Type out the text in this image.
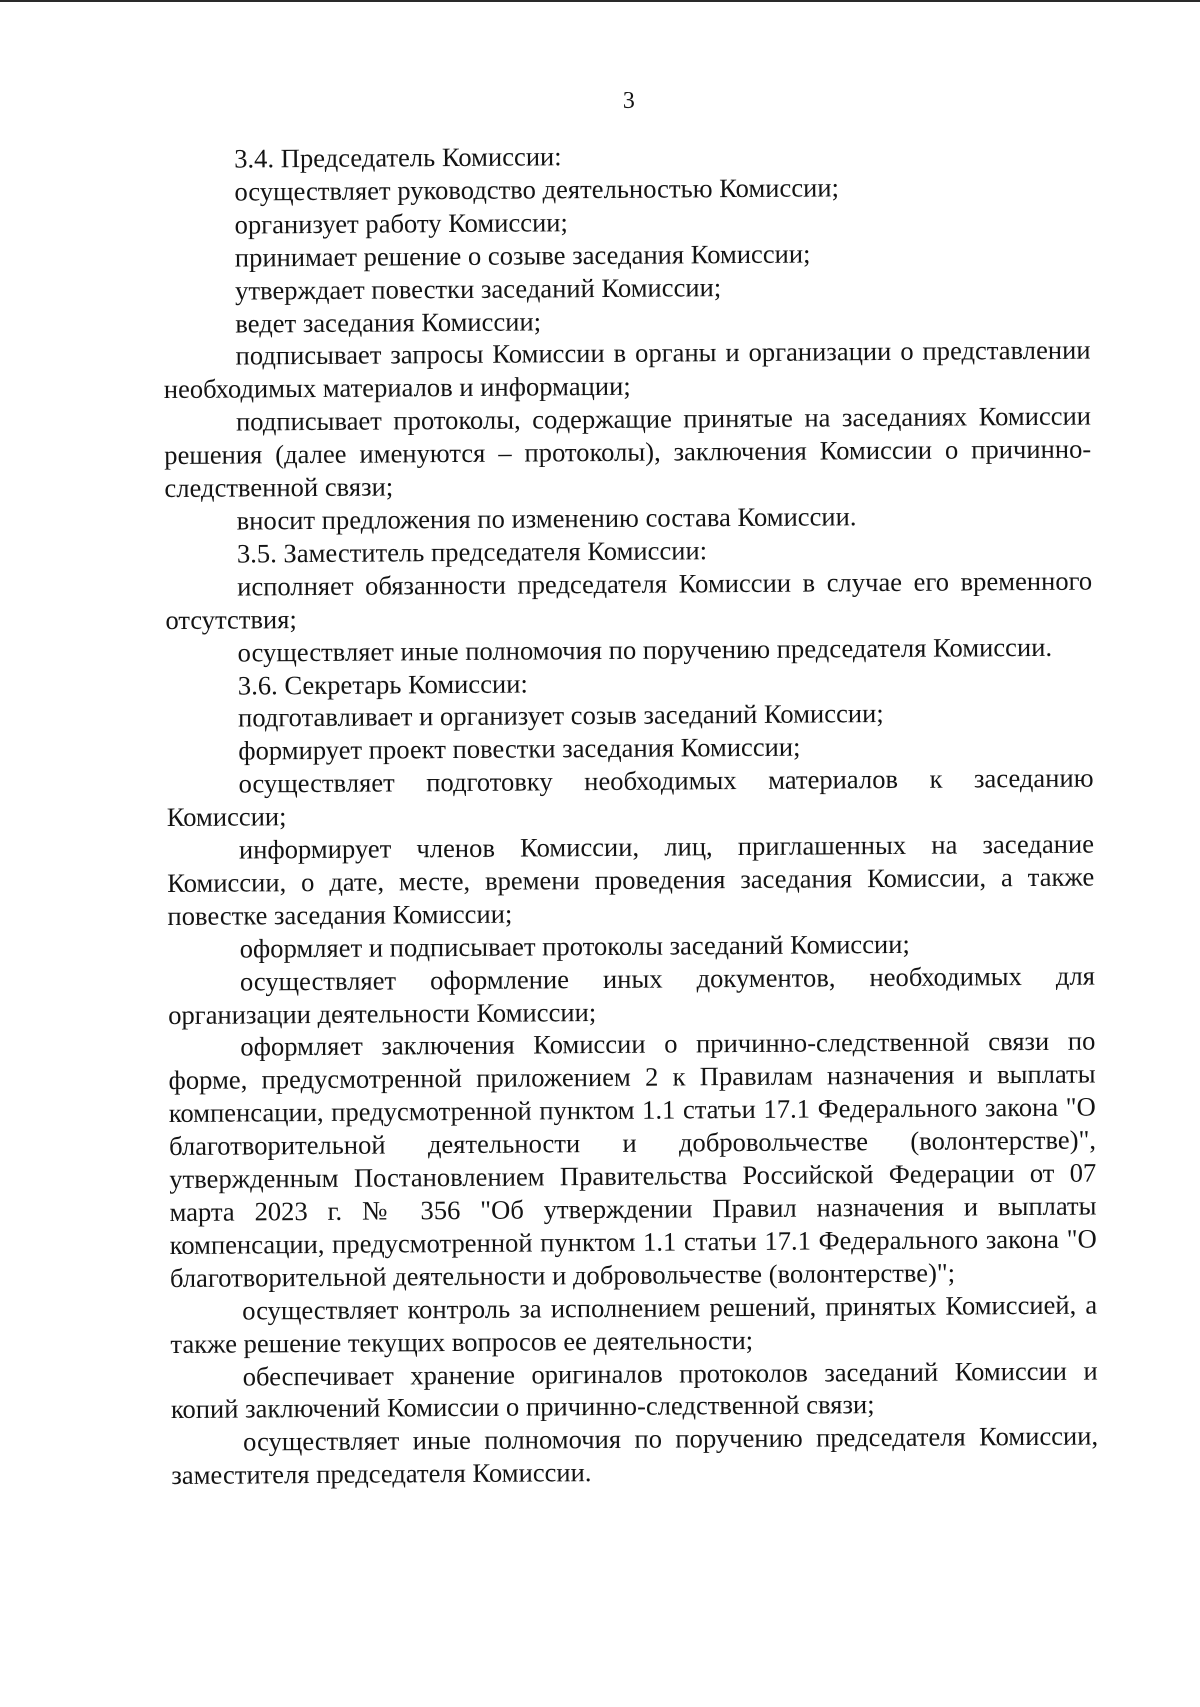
3

3.4. Председатель Комиссии:

осуществляет руководство деятельностью Комиссии;

организует работу Комиссии;

принимает решение о созыве заседания Комиссии;

утверждает повестки заседаний Комиссии;

ведет заседания Комиссии;

подписывает запросы Комиссии в органы и организации о представлении необходимых материалов и информации;

подписывает протоколы, содержащие принятые на заседаниях Комиссии решения (далее именуются – протоколы), заключения Комиссии о причинно-следственной связи;

вносит предложения по изменению состава Комиссии.

3.5. Заместитель председателя Комиссии:

исполняет обязанности председателя Комиссии в случае его временного отсутствия;

осуществляет иные полномочия по поручению председателя Комиссии.

3.6. Секретарь Комиссии:

подготавливает и организует созыв заседаний Комиссии;

формирует проект повестки заседания Комиссии;

осуществляет подготовку необходимых материалов к заседанию Комиссии;

информирует членов Комиссии, лиц, приглашенных на заседание Комиссии, о дате, месте, времени проведения заседания Комиссии, а также повестке заседания Комиссии;

оформляет и подписывает протоколы заседаний Комиссии;

осуществляет оформление иных документов, необходимых для организации деятельности Комиссии;

оформляет заключения Комиссии о причинно-следственной связи по форме, предусмотренной приложением 2 к Правилам назначения и выплаты компенсации, предусмотренной пунктом 1.1 статьи 17.1 Федерального закона "О благотворительной деятельности и добровольчестве (волонтерстве)", утвержденным Постановлением Правительства Российской Федерации от 07 марта 2023 г. № 356 "Об утверждении Правил назначения и выплаты компенсации, предусмотренной пунктом 1.1 статьи 17.1 Федерального закона "О благотворительной деятельности и добровольчестве (волонтерстве)";

осуществляет контроль за исполнением решений, принятых Комиссией, а также решение текущих вопросов ее деятельности;

обеспечивает хранение оригиналов протоколов заседаний Комиссии и копий заключений Комиссии о причинно-следственной связи;

осуществляет иные полномочия по поручению председателя Комиссии, заместителя председателя Комиссии.
